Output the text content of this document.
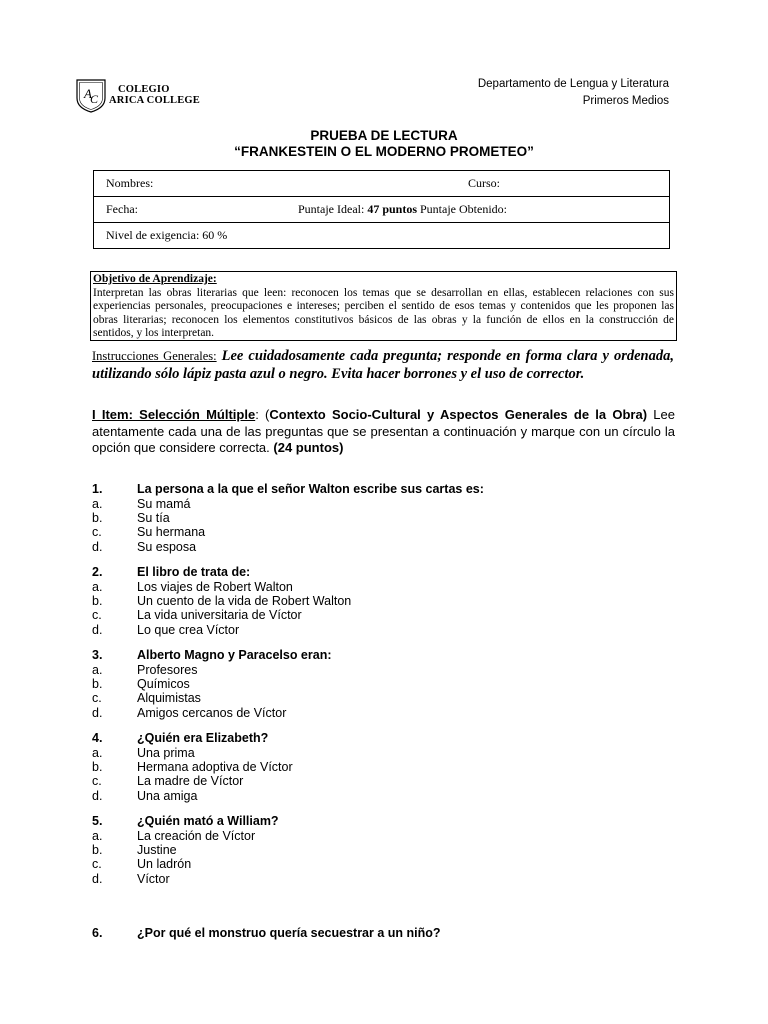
A
C
COLEGIO
ARICA COLLEGE
Departamento de Lengua y Literatura
Primeros Medios
PRUEBA DE LECTURA
“FRANKESTEIN O EL MODERNO PROMETEO”
Nombres:	Curso:
Fecha:	Puntaje Ideal: 47 puntos Puntaje Obtenido:
Nivel de exigencia: 60 %
Objetivo de Aprendizaje:
Interpretan las obras literarias que leen: reconocen los temas que se desarrollan en ellas, establecen relaciones con sus experiencias personales, preocupaciones e intereses; perciben el sentido de esos temas y contenidos que les proponen las obras literarias; reconocen los elementos constitutivos básicos de las obras y la función de ellos en la construcción de sentidos, y los interpretan.
Instrucciones Generales: Lee cuidadosamente cada pregunta; responde en forma clara y ordenada, utilizando sólo lápiz pasta azul o negro. Evita hacer borrones y el uso de corrector.
I Item: Selección Múltiple: (Contexto Socio-Cultural y Aspectos Generales de la Obra) Lee atentamente cada una de las preguntas que se presentan a continuación y marque con un círculo la opción que considere correcta. (24 puntos)
1.	La persona a la que el señor Walton escribe sus cartas es:
a.	Su mamá
b.	Su tía
c.	Su hermana
d.	Su esposa
2.	El libro de trata de:
a.	Los viajes de Robert Walton
b.	Un cuento de la vida de Robert Walton
c.	La vida universitaria de Víctor
d.	Lo que crea Víctor
3.	Alberto Magno y Paracelso eran:
a.	Profesores
b.	Químicos
c.	Alquimistas
d.	Amigos cercanos de Víctor
4.	¿Quién era Elizabeth?
a.	Una prima
b.	Hermana adoptiva de Víctor
c.	La madre de Víctor
d.	Una amiga
5.	¿Quién mató a William?
a.	La creación de Víctor
b.	Justine
c.	Un ladrón
d.	Víctor
6.	¿Por qué el monstruo quería secuestrar a un niño?
